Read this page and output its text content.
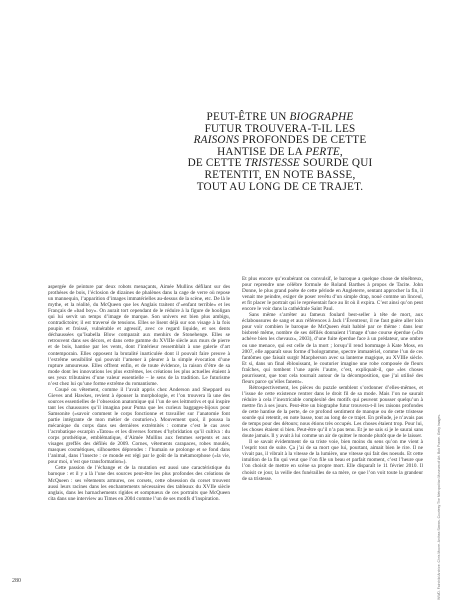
PEUT-ÊTRE UN BIOGRAPHE
FUTUR TROUVERA-T-IL LES
RAISONS PROFONDES DE CETTE
HANTISE DE LA PERTE,
DE CETTE TRISTESSE SOURDE QUI
RETENTIT, EN NOTE BASSE,
TOUT AU LONG DE CE TRAJET.

aspergée de peinture par deux robots menaçants, Aimée Mullins défilant sur des prothèses de bois, l’éclosion de dizaines de phalènes dans la cage de verre où repose un mannequin, l’apparition d’images immatérielles au-dessus de la scène, etc. De là le mythe, et la réalité, du McQueen que les Anglais traitent d’«enfant terrible» et les Français de «bad boy». On aurait tort cependant de le réduire à la figure de hooligan qui lui servit un temps d’image de marque. Son univers est bien plus ambigu, contradictoire; il est traversé de tensions. Elles se lisent déjà sur son visage à la fois poupin et froissé, vulnérable et agressif, avec ce regard liquide, et ses dents déchaussées qu’Isabella Blow comparait aux menhirs de Stonehenge. Elles se retrouvent dans ses décors, et dans cette gamme du XVIIIe siècle aux murs de pierre et de bois, hantise par les vents, dont l’intérieur ressemblait à une galerie d’art contemporain. Elles opposent la brutalité inarticulée dont il pouvait faire preuve à l’extrême sensibilité qui pouvait l’amener à pleurer à la simple évocation d’une rupture amoureuse. Elles offrent enfin, et de toute évidence, la raison d’être de sa mode dont les innovations les plus extrêmes, les créations les plus actuelles étaient à ses yeux tributaires d’une valeur essentielle – le sens de la tradition. Le futurisme n’est chez lui qu’une forme extrême du romantisme.

Coupé ou vêtement, comme il l’avait appris chez Anderson and Sheppard ou Gieves and Hawkes, revient à épouser la morphologie, et l’on trouvera là une des sources essentielles de l’obsession anatomique qui l’un de ses leitmotivs et qui inspire tant les chaussures qu’il imagina pour Puma que les curieux baggages-bijoux pour Samsonite («savoir comment le corps fonctionne et travailler sur l’anatomie font partie intégrante de mon métier de couturier»). Mouvement quoi, il poussa la mécanique du corps dans ses dernières extrémités : comme c’est le cas avec l’acrobatique escarpin «Tatou» et les diverses formes d’hybridation qu’il cultiva : du corps prothétique, emblématique, d’Aimée Mullins aux femmes serpents et aux visages greffés des défilés de 2009. Cornes, vêtements carapaces, robes moulés, masques cosmétiques, silhouettes déprendes : l’humain se prolonge et se fond dans l’animal, dans l’insecte : ce monde est régi par le goût de la métamorphose («la vie, pour moi, n’est que transformation»).

Cette passion de l’échange et de la mutation est aussi une caractéristique du baroque : et il y a là l’une des sources peut-être les plus profondes des créations de McQueen : ses vêtements armures, ces corsets, cette obsession du corset trouvent aussi leurs racines dans les enchantements nécessaires des tableaux du XVIIe siècle anglais, dans les harnachements rigides et somptueux de ces portraits que McQueen cita dans une interview au Times en 2004 comme l’un de ses motifs d’inspiration.

Et plus encore qu’exubérant ou convulsif, le baroque a quelque chose de ténébreux, pour reprendre une célèbre formule de Roland Barthes à propos de Tacite. John Donne, le plus grand poète de cette période en Angleterre, sentant approcher la fin, il venait me peindre, exiger de poser revêtu d’un simple drap, noué comme un linceul, et fit placer le portrait qui le représentait face au lit où il expira. C’est ainsi qu’on peut encore le voir dans la cathédrale Saint Paul.

Sans même s’arrêter au fameux foulard best-seller à tête de mort, aux éclaboussures de sang et aux références à Jack l’Éventreur, il ne faut guère aller loin pour voir combien le baroque de McQueen était habité par ce thème : dans leur bisbreté même, nombre de ses défilés donnaient l’image d’une course éperdue («On achève bien les chevaux», 2003), d’une fuite éperdue face à un prédateur, une ombre ou une menace, qui est celle de la mort ; lorsqu’il rend hommage à Kate Moss, en 2007, elle apparaît sous forme d’hologramme, spectre immatériel, comme l’un de ces fantômes que faisait surgir Macpherson avec sa lanterne magique, au XVIIIe siècle. Et si, dans un final éblouissant, le couturier imagine une robe composée de fleurs fraîches, qui tombent l’une après l’autre, c’est, expliquait-il, que «les choses pourrissent, que tout cela tournait autour de la décomposition, que j’ai utilisé des fleurs parce qu’elles fanent».

Rétrospectivement, les pièces du puzzle semblent s’ordonner d’elles-mêmes, et l’issue de cette existence rentrer dans le droit fil de sa mode. Mais l’on ne saurait réduire à cela l’inextricable complexité des motifs qui peuvent pousser quelqu’un à mettre fin à ses jours. Peut-être un biographe futur trouvera-t-il les raisons profondes de cette hantise de la perte, de ce profond sentiment de manque ou de cette tristesse sourde qui retentit, en note basse, tout au long de ce trajet. En prélude, je n’avais pas de temps pour des détours; nous étions très occupés. Les choses étaient trop. Pour lui, les choses étaient si bien. Peut-être qu’il n’a pas tenu. Et je ne sais si je le saurai sans doute jamais. Il y avait à lui comme un air de quitter le monde plutôt que de le laisser.

Il se savait évidemment de sa triste voie, bien moins du sens qu’on me vient à l’esprit tout de suite. Ça j’ai de sa mort que lui, pourtant, aimait bien le rire. Il ne vivait pas, il vibrait à la vitesse de la lumière, une vitesse qui fait des noeuds. Et cette intuition de la fin qui veut que l’on file un beau et parfait moment, c’est l’heure que l’on choisit de mettre en scène sa propre mort. Elle disparaît le 11 février 2010. Il choisit ce jour, la veille des funérailles de sa mère, ce que l’on voit toute la grandeur de sa tristesse.

280	WWD. Fairchild Archive. Chris Moore. Anthea Simms. Courtesy The Metropolitan Museum of Art. Bob Frame. Getty Images.
